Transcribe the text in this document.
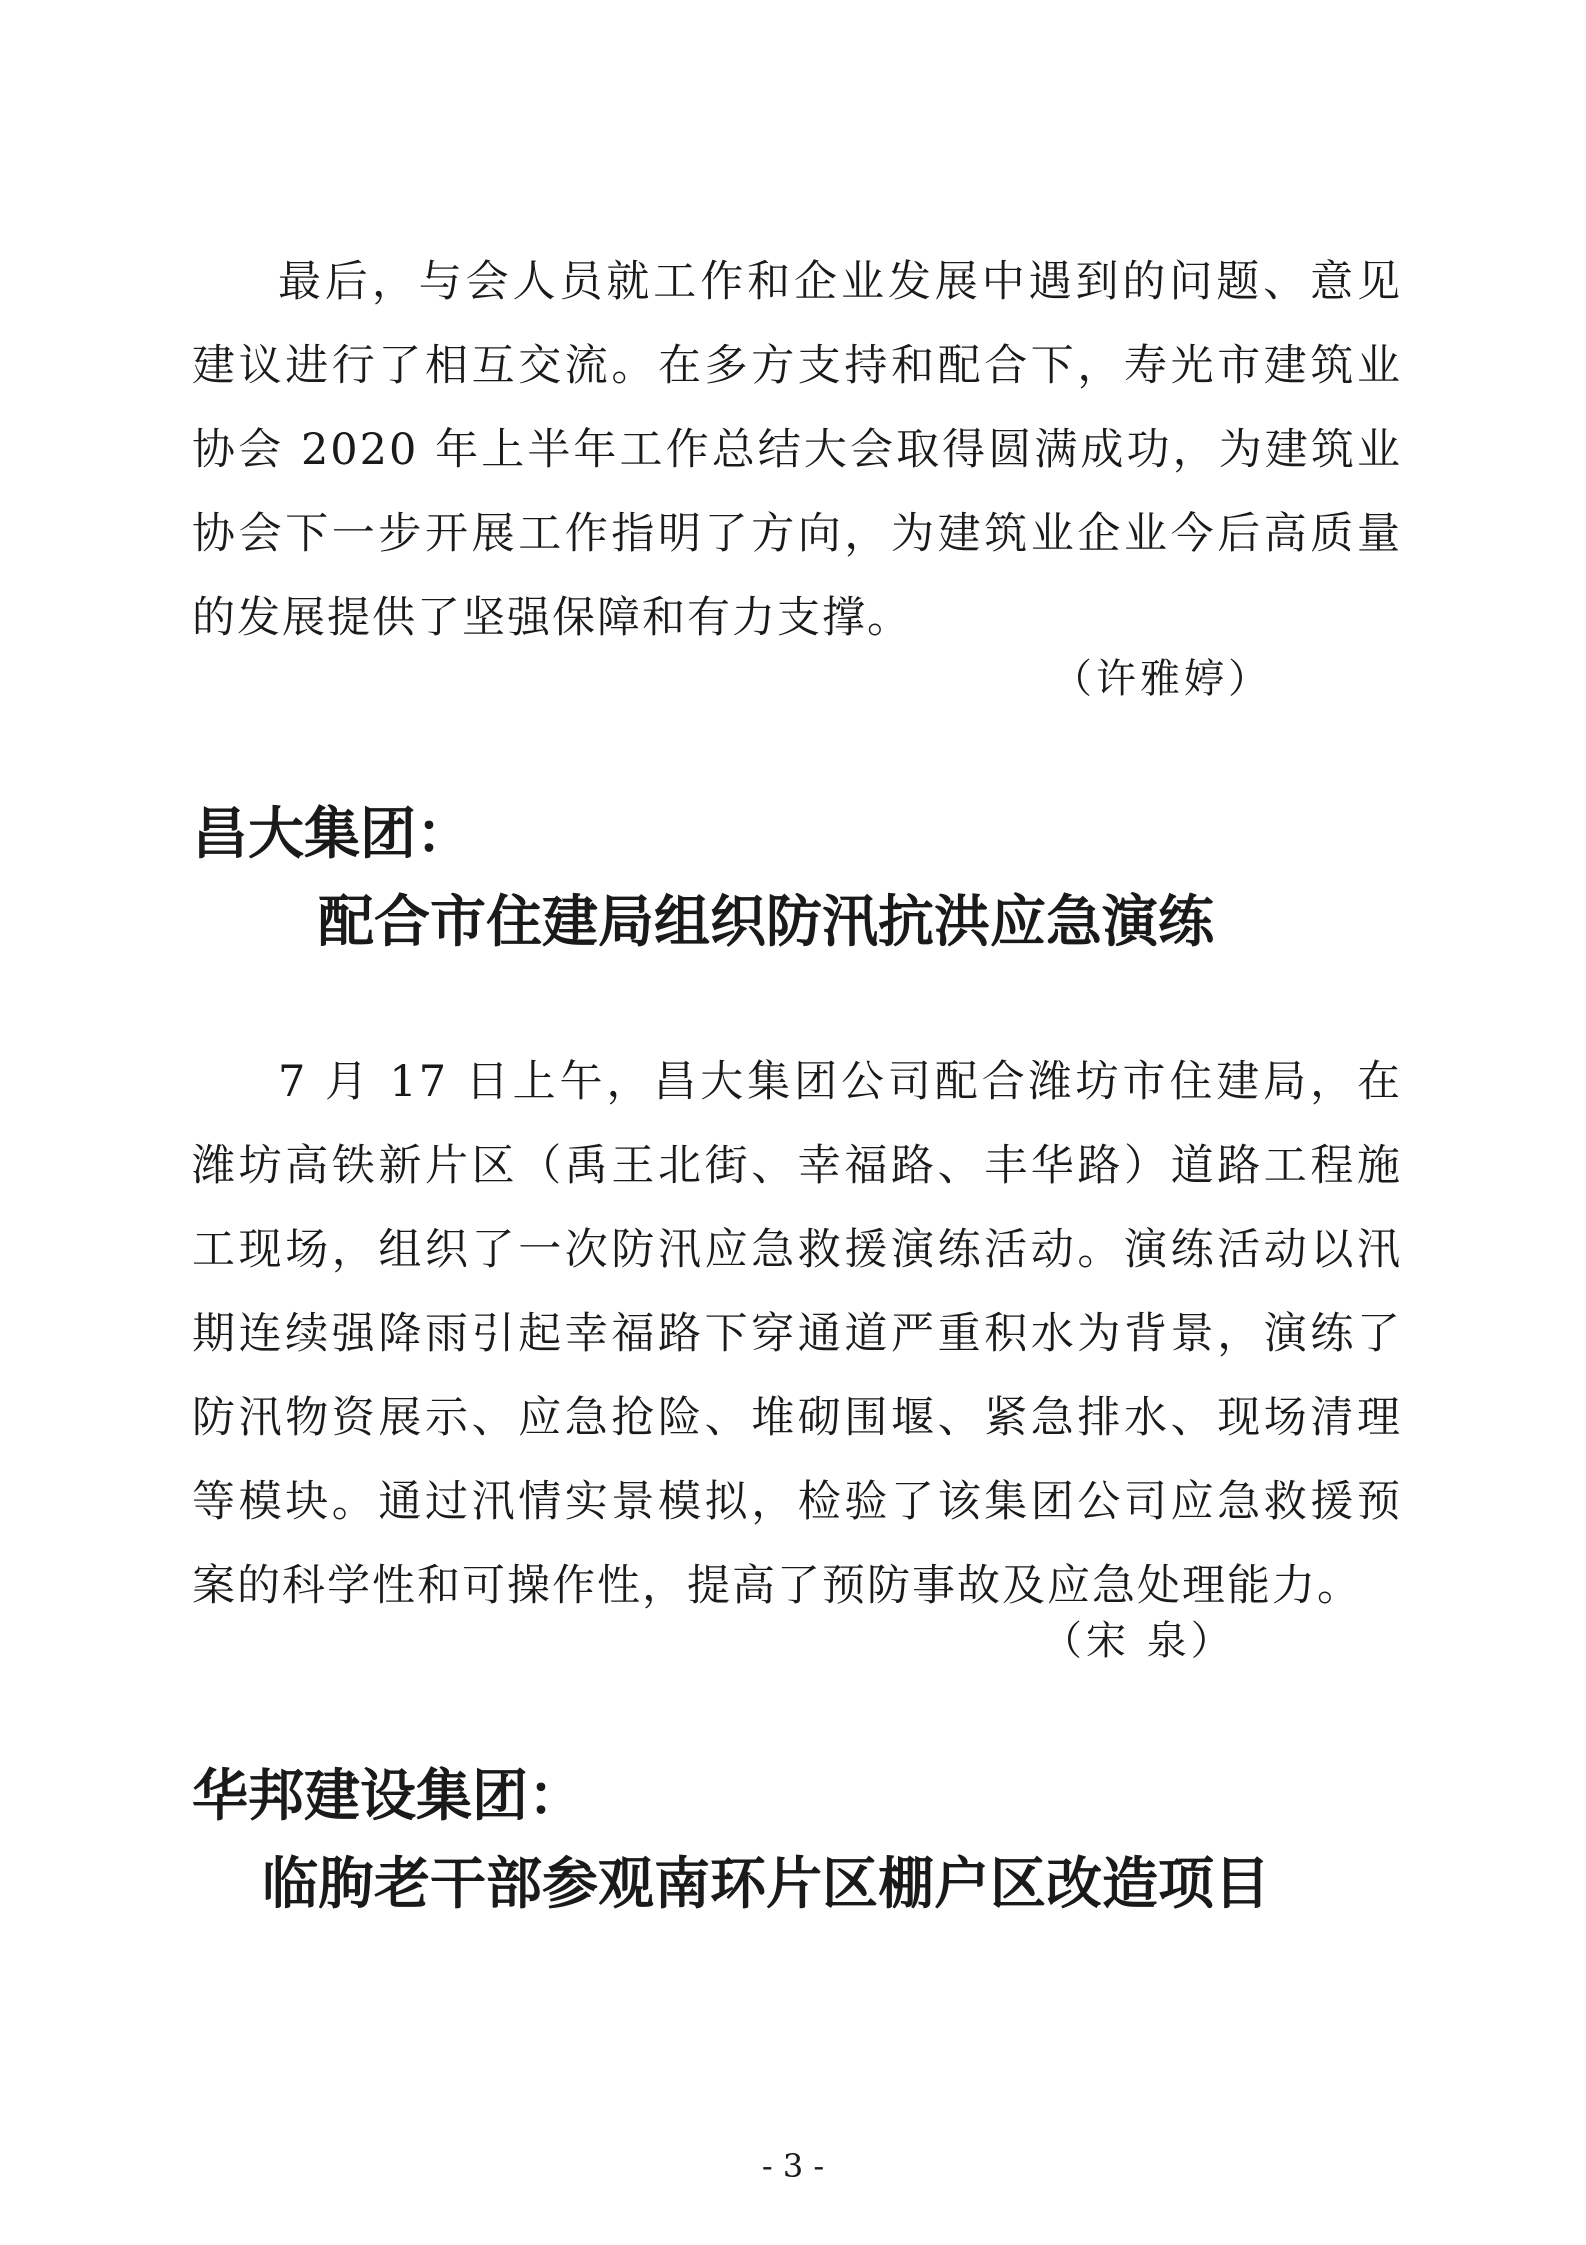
最后，与会人员就工作和企业发展中遇到的问题、意见建议进行了相互交流。在多方支持和配合下，寿光市建筑业协会 2020 年上半年工作总结大会取得圆满成功，为建筑业协会下一步开展工作指明了方向，为建筑业企业今后高质量的发展提供了坚强保障和有力支撑。

（许雅婷）
昌大集团：
配合市住建局组织防汛抗洪应急演练

7 月 17 日上午，昌大集团公司配合潍坊市住建局，在潍坊高铁新片区（禹王北街、幸福路、丰华路）道路工程施工现场，组织了一次防汛应急救援演练活动。演练活动以汛期连续强降雨引起幸福路下穿通道严重积水为背景，演练了防汛物资展示、应急抢险、堆砌围堰、紧急排水、现场清理等模块。通过汛情实景模拟，检验了该集团公司应急救援预案的科学性和可操作性，提高了预防事故及应急处理能力。

（宋 泉）
华邦建设集团：
临朐老干部参观南环片区棚户区改造项目
- 3 -
